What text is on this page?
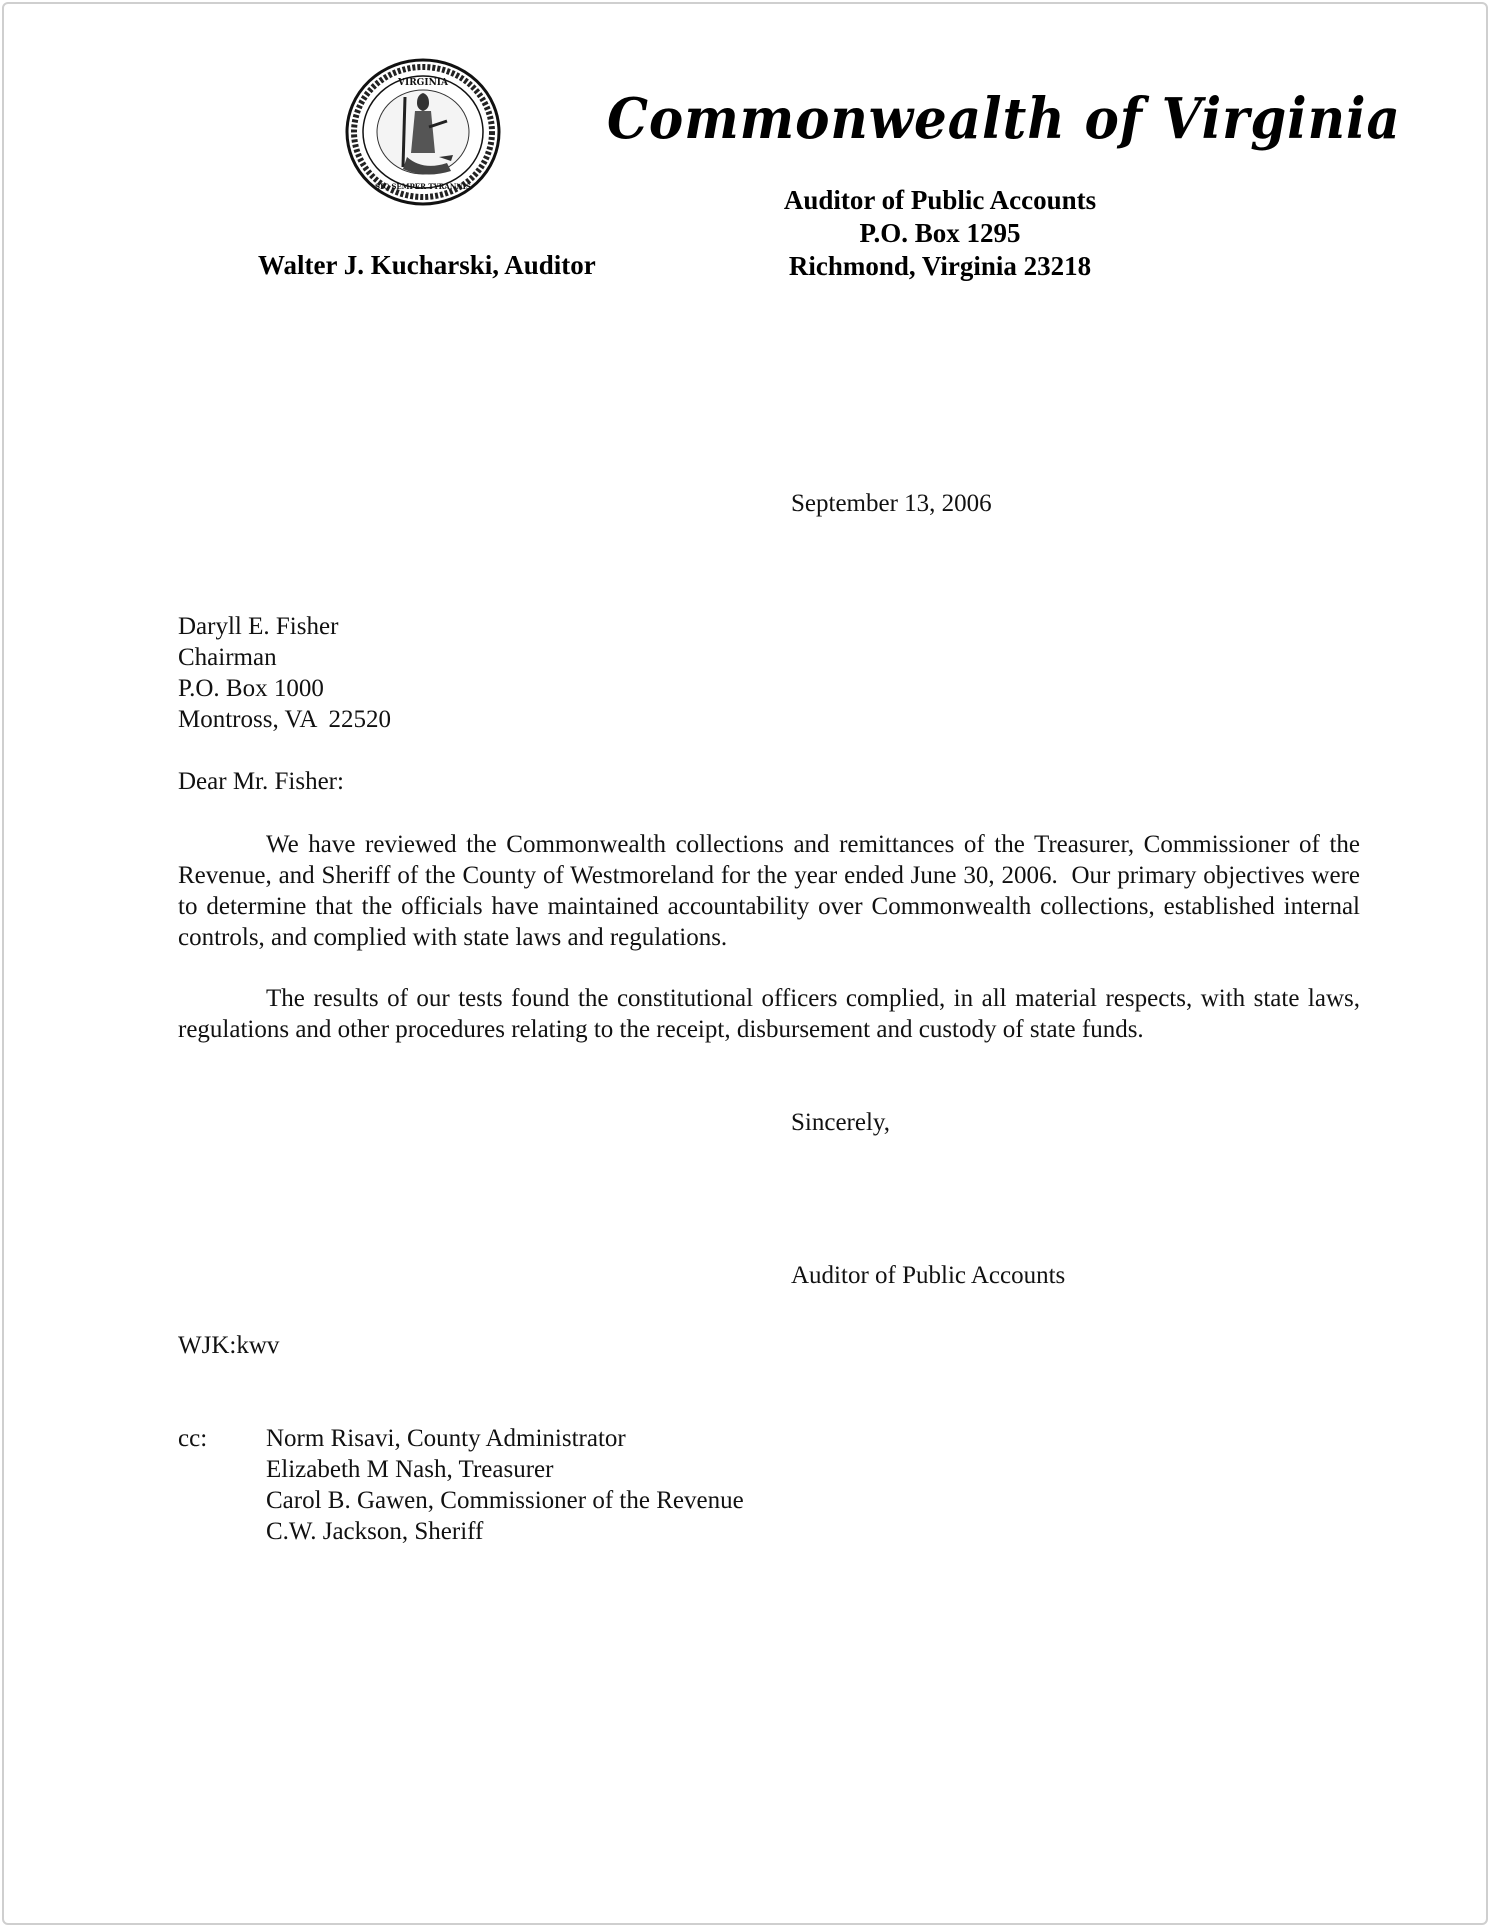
VIRGINIA
SIC SEMPER TYRANNIS
Commonwealth of Virginia
Auditor of Public Accounts
P.O. Box 1295
Richmond, Virginia 23218
Walter J. Kucharski, Auditor
September 13, 2006
Daryll E. Fisher
Chairman
P.O. Box 1000
Montross, VA  22520
Dear Mr. Fisher:
We have reviewed the Commonwealth collections and remittances of the Treasurer, Commissioner of the Revenue, and Sheriff of the County of Westmoreland for the year ended June 30, 2006.  Our primary objectives were to determine that the officials have maintained accountability over Commonwealth collections, established internal controls, and complied with state laws and regulations.
The results of our tests found the constitutional officers complied, in all material respects, with state laws, regulations and other procedures relating to the receipt, disbursement and custody of state funds.
Sincerely,
Auditor of Public Accounts
WJK:kwv
cc: Norm Risavi, County Administrator
Elizabeth M Nash, Treasurer
Carol B. Gawen, Commissioner of the Revenue
C.W. Jackson, Sheriff
